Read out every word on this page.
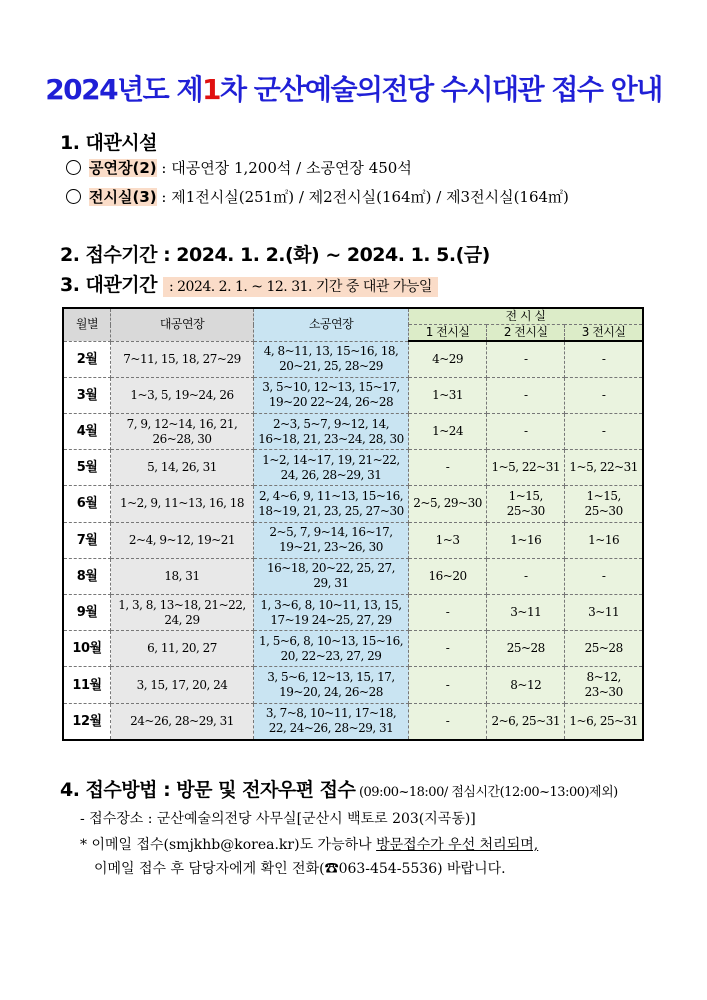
2024년도 제1차 군산예술의전당 수시대관 접수 안내
1. 대관시설
공연장(2) : 대공연장 1,200석 / 소공연장 450석
전시실(3) : 제1전시실(251㎡) / 제2전시실(164㎡) / 제3전시실(164㎡)
2. 접수기간 : 2024. 1. 2.(화) ~ 2024. 1. 5.(금)
3. 대관기간 : 2024. 2. 1. ~ 12. 31. 기간 중 대관 가능일
월별	대공연장	소공연장	전 시 실		
			1 전시실	2 전시실	3 전시실
2월	7~11, 15, 18, 27~29	4, 8~11, 13, 15~16, 18, 20~21, 25, 28~29	4~29	-	-
3월	1~3, 5, 19~24, 26	3, 5~10, 12~13, 15~17, 19~20 22~24, 26~28	1~31	-	-
4월	7, 9, 12~14, 16, 21, 26~28, 30	2~3, 5~7, 9~12, 14, 16~18, 21, 23~24, 28, 30	1~24	-	-
5월	5, 14, 26, 31	1~2, 14~17, 19, 21~22, 24, 26, 28~29, 31	-	1~5, 22~31	1~5, 22~31
6월	1~2, 9, 11~13, 16, 18	2, 4~6, 9, 11~13, 15~16, 18~19, 21, 23, 25, 27~30	2~5, 29~30	1~15, 25~30	1~15, 25~30
7월	2~4, 9~12, 19~21	2~5, 7, 9~14, 16~17, 19~21, 23~26, 30	1~3	1~16	1~16
8월	18, 31	16~18, 20~22, 25, 27, 29, 31	16~20	-	-
9월	1, 3, 8, 13~18, 21~22, 24, 29	1, 3~6, 8, 10~11, 13, 15, 17~19 24~25, 27, 29	-	3~11	3~11
10월	6, 11, 20, 27	1, 5~6, 8, 10~13, 15~16, 20, 22~23, 27, 29	-	25~28	25~28
11월	3, 15, 17, 20, 24	3, 5~6, 12~13, 15, 17, 19~20, 24, 26~28	-	8~12	8~12, 23~30
12월	24~26, 28~29, 31	3, 7~8, 10~11, 17~18, 22, 24~26, 28~29, 31	-	2~6, 25~31	1~6, 25~31
4. 접수방법 : 방문 및 전자우편 접수 (09:00~18:00/ 점심시간(12:00~13:00)제외)
- 접수장소 : 군산예술의전당 사무실[군산시 백토로 203(지곡동)]
* 이메일 접수(smjkhb@korea.kr)도 가능하나 방문접수가 우선 처리되며,
이메일 접수 후 담당자에게 확인 전화(☎063-454-5536) 바랍니다.
